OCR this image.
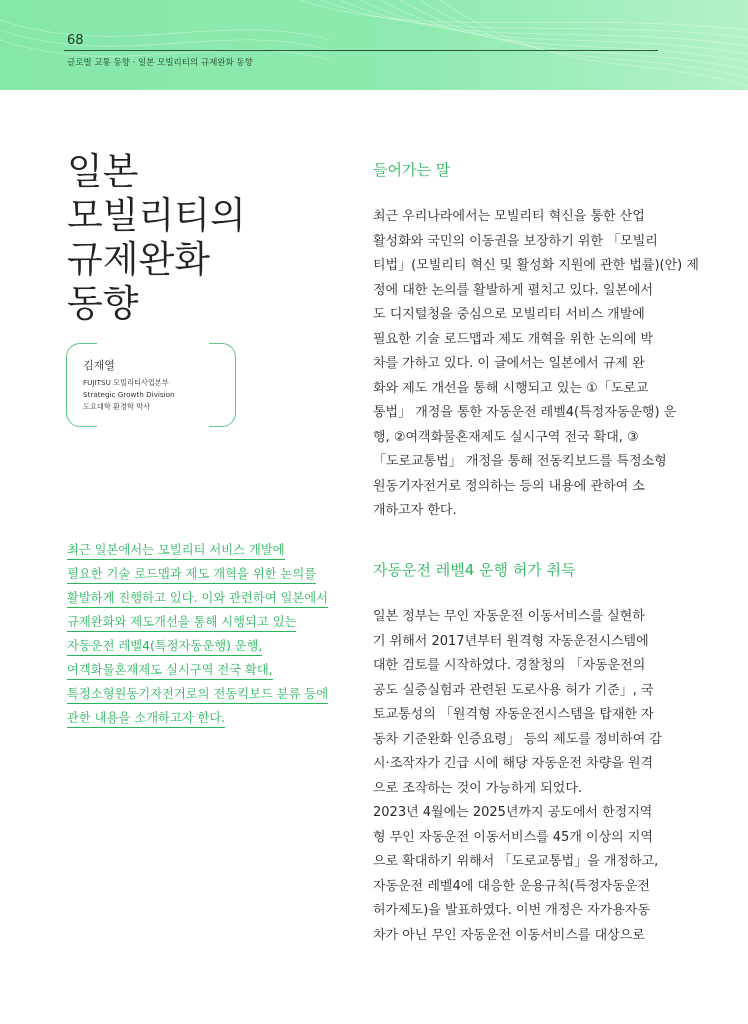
68
글로벌 교통 동향 · 일본 모빌리티의 규제완화 동향
일본
모빌리티의
규제완화
동향
김재열
FUJITSU 모빌리티사업본부
Strategic Growth Division
도요대학 환경학 박사
최근 일본에서는 모빌리티 서비스 개발에
필요한 기술 로드맵과 제도 개혁을 위한 논의를
활발하게 진행하고 있다. 이와 관련하여 일본에서
규제완화와 제도개선을 통해 시행되고 있는
자동운전 레벨4(특정자동운행) 운행,
여객화물혼재제도 실시구역 전국 확대,
특정소형원동기자전거로의 전동킥보드 분류 등에
관한 내용을 소개하고자 한다.
들어가는 말
최근 우리나라에서는 모빌리티 혁신을 통한 산업
활성화와 국민의 이동권을 보장하기 위한 「모빌리
티법」(모빌리티 혁신 및 활성화 지원에 관한 법률)(안) 제
정에 대한 논의를 활발하게 펼치고 있다. 일본에서
도 디지털청을 중심으로 모빌리티 서비스 개발에
필요한 기술 로드맵과 제도 개혁을 위한 논의에 박
차를 가하고 있다. 이 글에서는 일본에서 규제 완
화와 제도 개선을 통해 시행되고 있는 ①「도로교
통법」 개정을 통한 자동운전 레벨4(특정자동운행) 운
행, ②여객화물혼재제도 실시구역 전국 확대, ③
「도로교통법」 개정을 통해 전동킥보드를 특정소형
원동기자전거로 정의하는 등의 내용에 관하여 소
개하고자 한다.
자동운전 레벨4 운행 허가 취득
일본 정부는 무인 자동운전 이동서비스를 실현하
기 위해서 2017년부터 원격형 자동운전시스템에
대한 검토를 시작하였다. 경찰청의 「자동운전의
공도 실증실험과 관련된 도로사용 허가 기준」, 국
토교통성의 「원격형 자동운전시스템을 탑재한 자
동차 기준완화 인증요령」 등의 제도를 정비하여 감
시·조작자가 긴급 시에 해당 자동운전 차량을 원격
으로 조작하는 것이 가능하게 되었다.
2023년 4월에는 2025년까지 공도에서 한정지역
형 무인 자동운전 이동서비스를 45개 이상의 지역
으로 확대하기 위해서 「도로교통법」을 개정하고,
자동운전 레벨4에 대응한 운용규칙(특정자동운전
허가제도)을 발표하였다. 이번 개정은 자가용자동
차가 아닌 무인 자동운전 이동서비스를 대상으로
